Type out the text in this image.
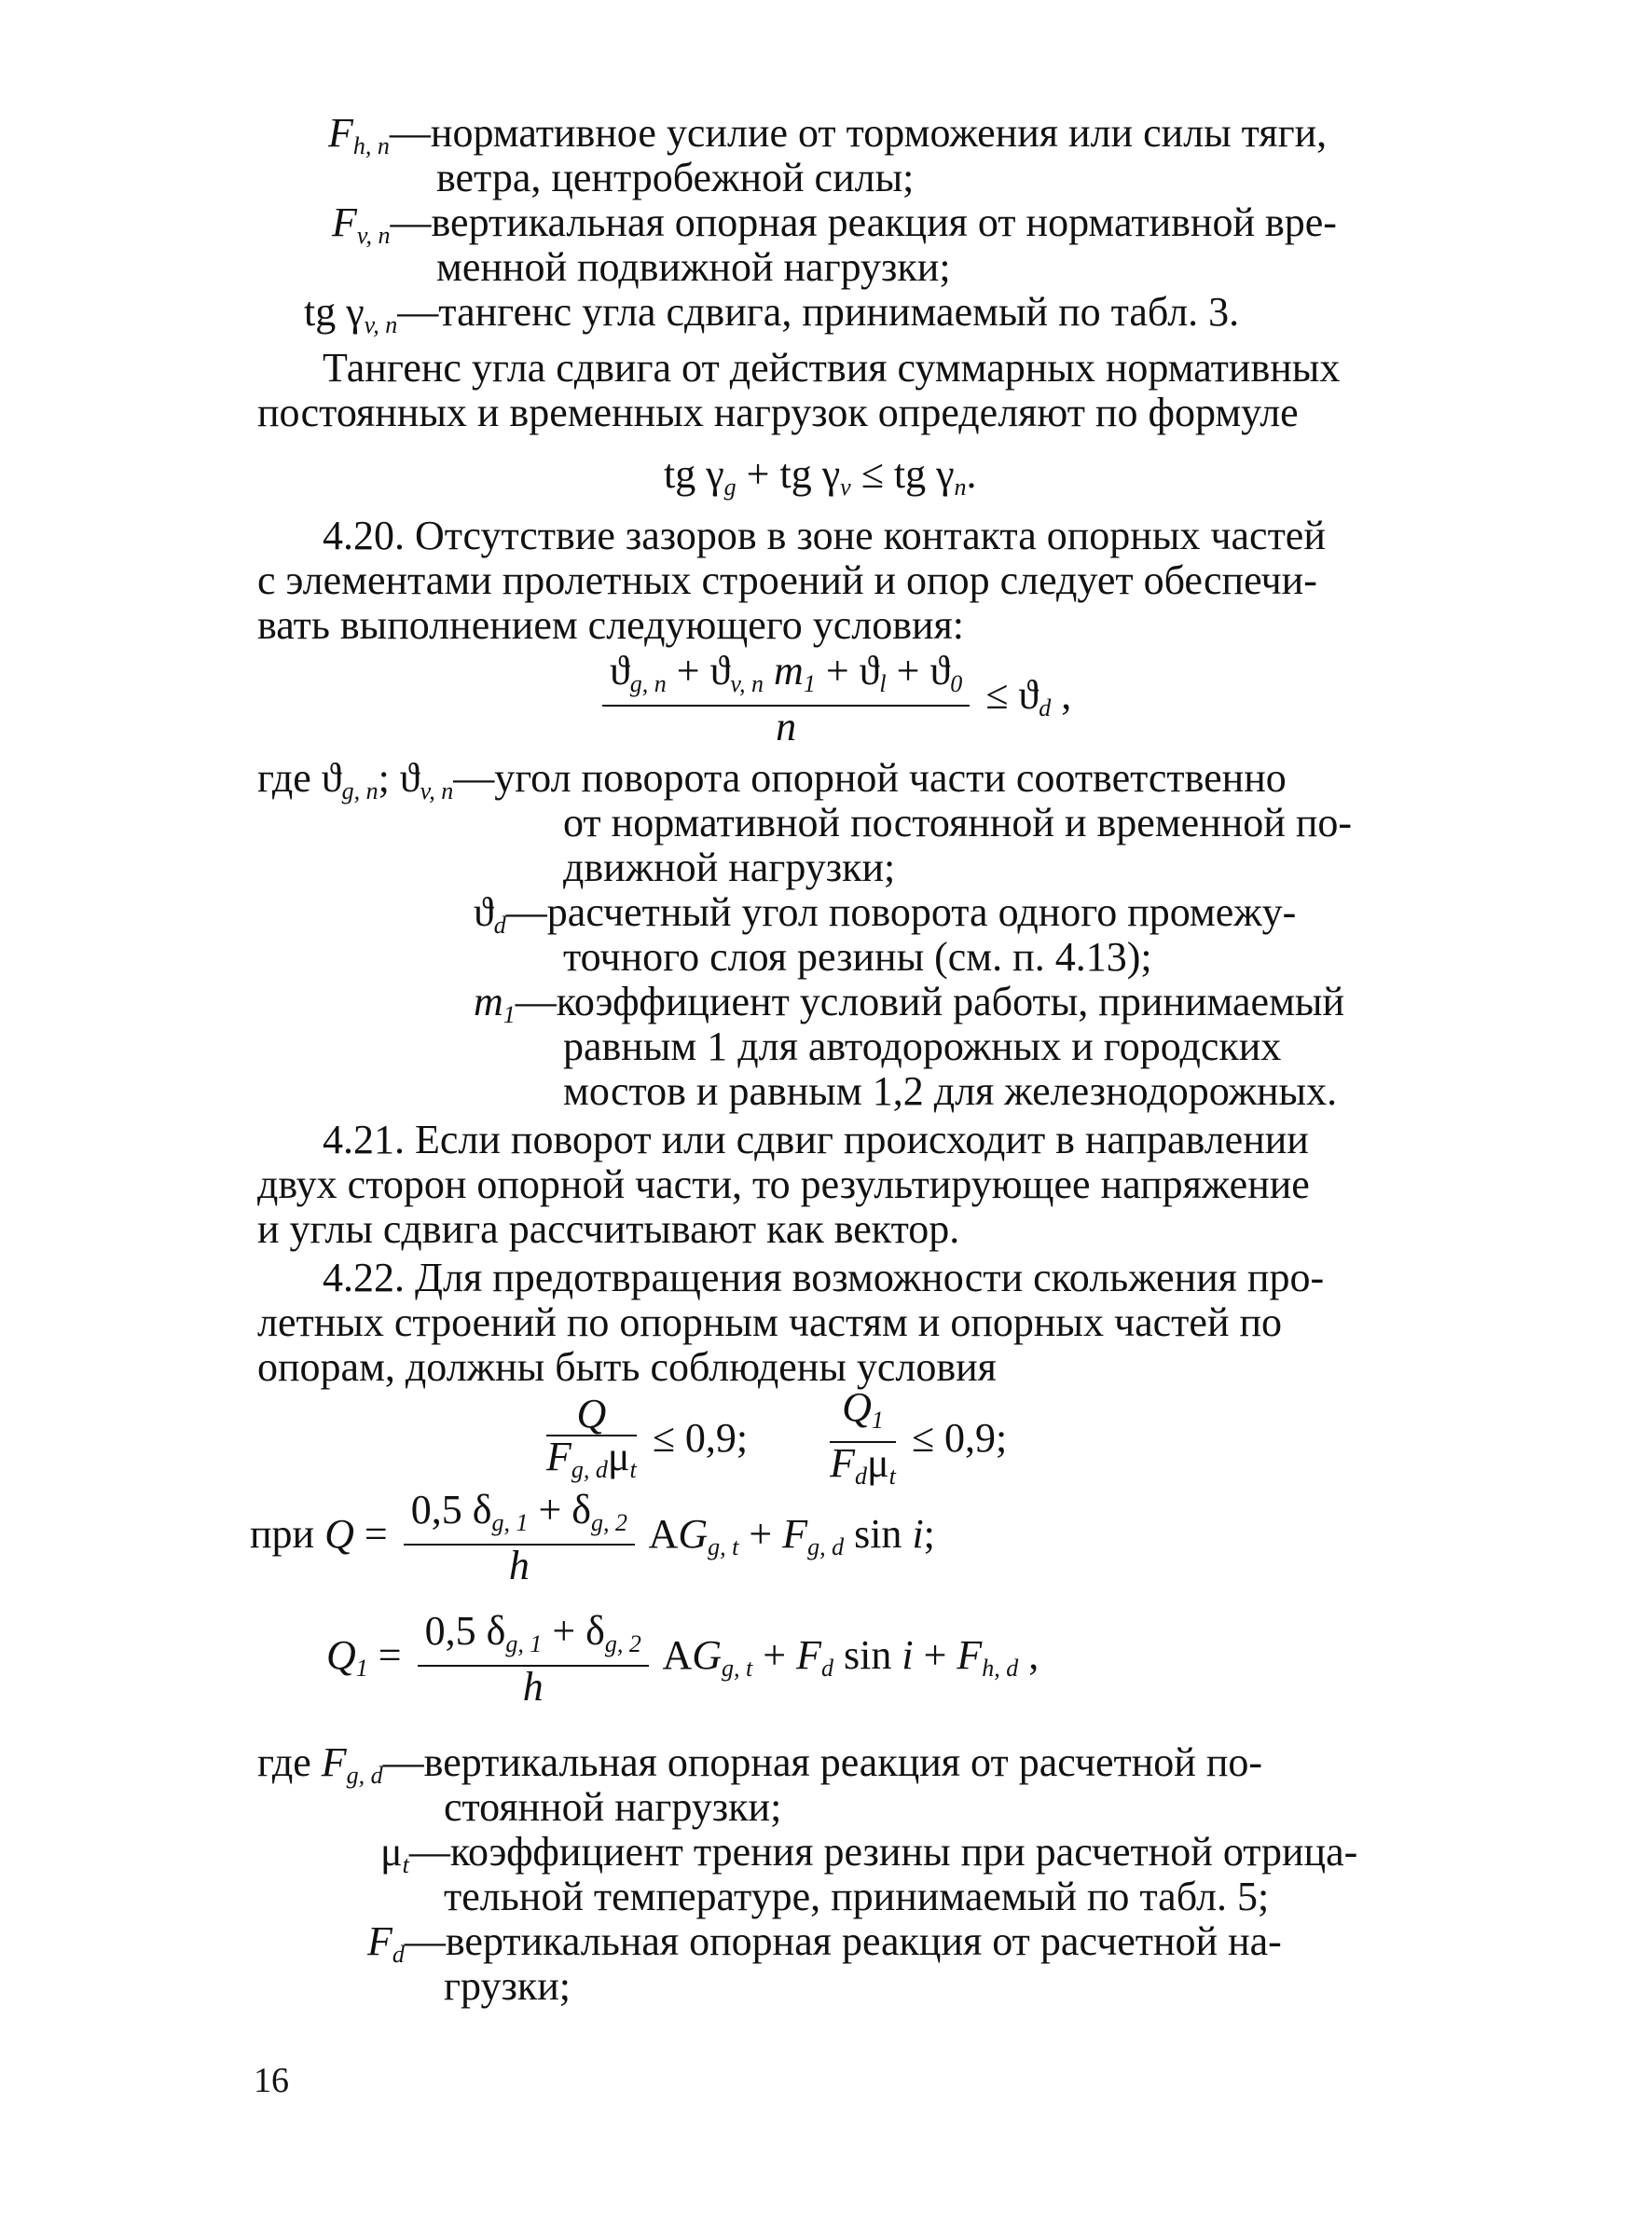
$F_{h, n}—нормативное$ усилие от торможения или силы тяги,
ветра, центробежной силы;
$F_{v, n}—вертикальная$ опорная реакция от нормативной вре-
менной подвижной нагрузки;
tg $\gamma_{v, n}—тангенс$ угла сдвига, принимаемый по табл. 3.
Тангенс угла сдвига от действия суммарных нормативных
постоянных и временных нагрузок определяют по формуле
tg $\gamma_g$ + tg $\gamma_v$ ≤ tg $\gamma_n$.
4.20. Отсутствие зазоров в зоне контакта опорных частей
с элементами пролетных строений и опор следует обеспечи-
вать выполнением следующего условия:
$\frac{ϑ_{g, n} + ϑ_{v, n} m_1 + ϑ_l + ϑ_0}{n} \le ϑ_d$ ,
где $ϑ_{g, n}$; $ϑ_{v, n}—угол$ поворота опорной части соответственно
от нормативной постоянной и временной по-
движной нагрузки;
$ϑ_d—расчетный$ угол поворота одного промежу-
точного слоя резины (см. п. 4.13);
$m_1—коэффициент$ условий работы, принимаемый
равным 1 для автодорожных и городских
мостов и равным 1,2 для железнодорожных.
4.21. Если поворот или сдвиг происходит в направлении
двух сторон опорной части, то результирующее напряжение
и углы сдвига рассчитывают как вектор.
4.22. Для предотвращения возможности скольжения про-
летных строений по опорным частям и опорных частей по
опорам, должны быть соблюдены условия
$\frac{Q}{F_{g, d}\mu_t} \le 0,9$; $\frac{Q_1}{F_d\mu_t} \le 0,9$;
при $Q = \frac{0,5 \delta_{g, 1} + \delta_{g, 2}}{h} AG_{g, t} + F_{g, d}$ sin i;
$Q_1 = \frac{0,5 \delta_{g, 1} + \delta_{g, 2}}{h} AG_{g, t} + F_d$ $\sin i + F_{h, d}$ ,
где $F_{g, d}—вертикальная$ опорная реакция от расчетной по-
стоянной нагрузки;
$\mu_t—коэффициент$ трения резины при расчетной отрица-
тельной температуре, принимаемый по табл. 5;
$F_d—вертикальная$ опорная реакция от расчетной на-
грузки;
16
